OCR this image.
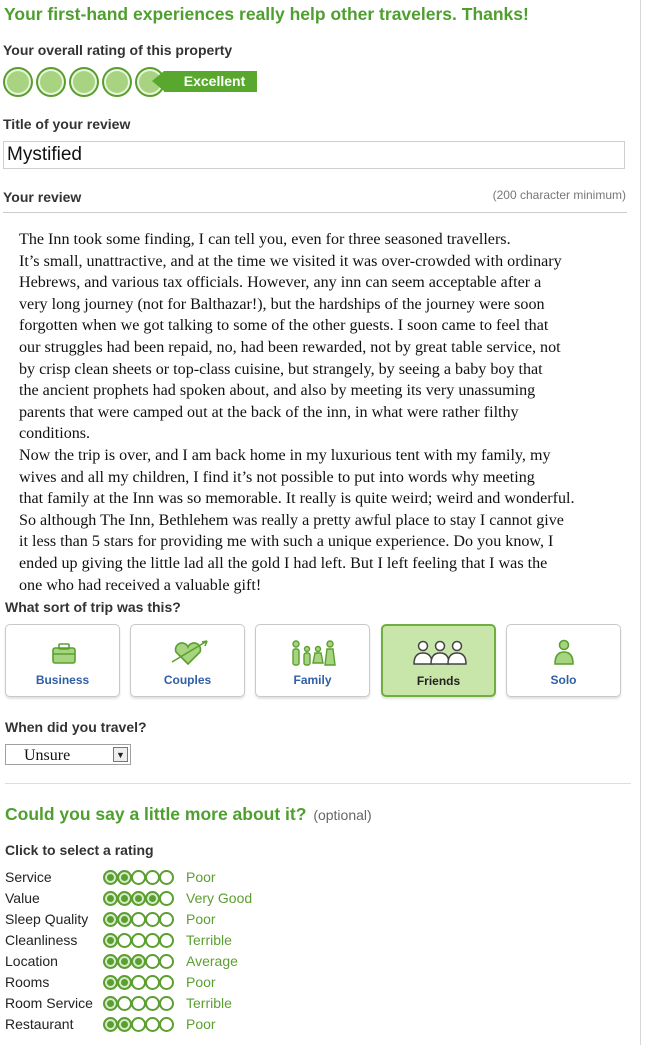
Your first-hand experiences really help other travelers. Thanks!
Your overall rating of this property
Excellent
Title of your review
Mystified
Your review	(200 character minimum)

The Inn took some finding, I can tell you, even for three seasoned travellers.

It’s small, unattractive, and at the time we visited it was over-crowded with ordinary

Hebrews, and various tax officials. However, any inn can seem acceptable after a

very long journey (not for Balthazar!), but the hardships of the journey were soon

forgotten when we got talking to some of the other guests. I soon came to feel that

our struggles had been repaid, no, had been rewarded, not by great table service, not

by crisp clean sheets or top-class cuisine, but strangely, by seeing a baby boy that

the ancient prophets had spoken about, and also by meeting its very unassuming

parents that were camped out at the back of the inn, in what were rather filthy

conditions.

Now the trip is over, and I am back home in my luxurious tent with my family, my

wives and all my children, I find it’s not possible to put into words why meeting

that family at the Inn was so memorable. It really is quite weird; weird and wonderful.

So although The Inn, Bethlehem was really a pretty awful place to stay I cannot give

it less than 5 stars for providing me with such a unique experience. Do you know, I

ended up giving the little lad all the gold I had left. But I left feeling that I was the

one who had received a valuable gift!

What sort of trip was this?
Business	Couples	Family	Friends	Solo
When did you travel?
Unsure	▼
Could you say a little more about it? (optional)
Click to select a rating
Service	Poor
Value	Very Good
Sleep Quality	Poor
Cleanliness	Terrible
Location	Average
Rooms	Poor
Room Service	Terrible
Restaurant	Poor
